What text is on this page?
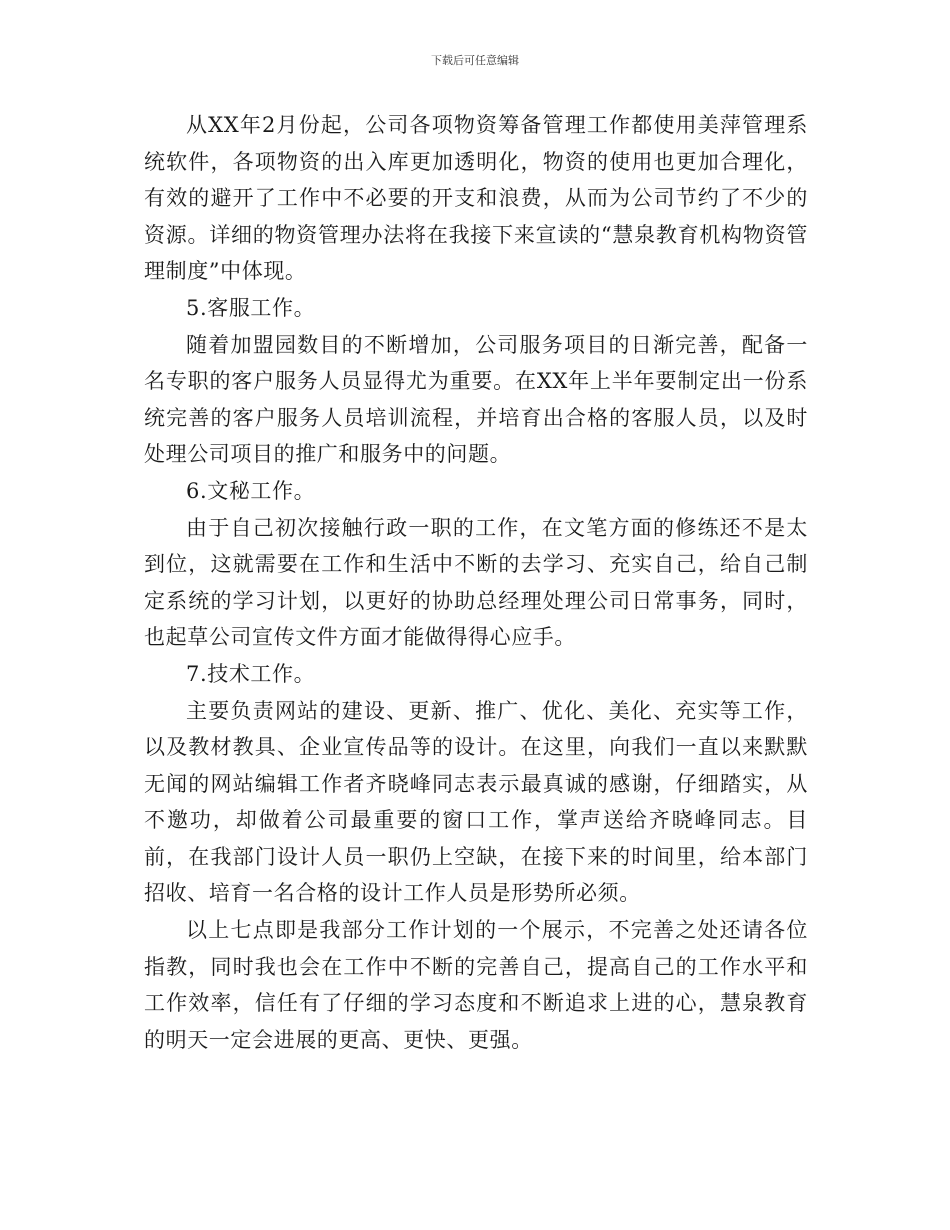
下载后可任意编辑

从XX年2月份起，公司各项物资筹备管理工作都使用美萍管理系统软件，各项物资的出入库更加透明化，物资的使用也更加合理化，有效的避开了工作中不必要的开支和浪费，从而为公司节约了不少的资源。详细的物资管理办法将在我接下来宣读的“慧泉教育机构物资管理制度”中体现。

5.客服工作。

随着加盟园数目的不断增加，公司服务项目的日渐完善，配备一名专职的客户服务人员显得尤为重要。在XX年上半年要制定出一份系统完善的客户服务人员培训流程，并培育出合格的客服人员，以及时处理公司项目的推广和服务中的问题。

6.文秘工作。

由于自己初次接触行政一职的工作，在文笔方面的修练还不是太到位，这就需要在工作和生活中不断的去学习、充实自己，给自己制定系统的学习计划，以更好的协助总经理处理公司日常事务，同时，也起草公司宣传文件方面才能做得得心应手。

7.技术工作。

主要负责网站的建设、更新、推广、优化、美化、充实等工作，以及教材教具、企业宣传品等的设计。在这里，向我们一直以来默默无闻的网站编辑工作者齐晓峰同志表示最真诚的感谢，仔细踏实，从不邀功，却做着公司最重要的窗口工作，掌声送给齐晓峰同志。目前，在我部门设计人员一职仍上空缺，在接下来的时间里，给本部门招收、培育一名合格的设计工作人员是形势所必须。

以上七点即是我部分工作计划的一个展示，不完善之处还请各位指教，同时我也会在工作中不断的完善自己，提高自己的工作水平和工作效率，信任有了仔细的学习态度和不断追求上进的心，慧泉教育的明天一定会进展的更高、更快、更强。
